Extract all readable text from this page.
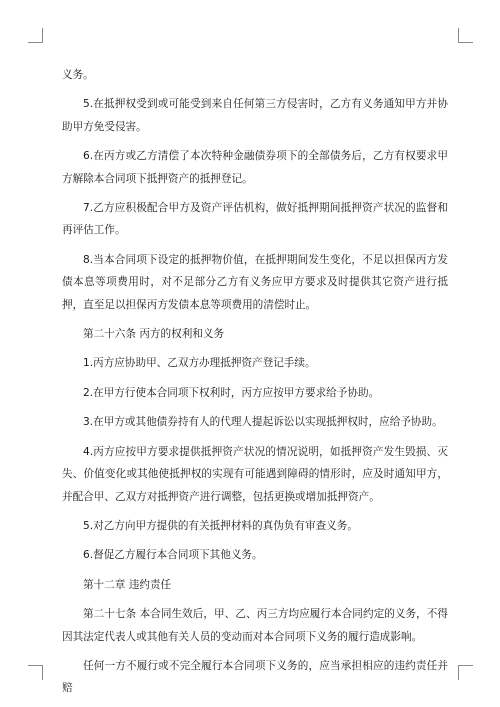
义务。

5.在抵押权受到或可能受到来自任何第三方侵害时，乙方有义务通知甲方并协助甲方免受侵害。

6.在丙方或乙方清偿了本次特种金融债券项下的全部债务后，乙方有权要求甲方解除本合同项下抵押资产的抵押登记。

7.乙方应积极配合甲方及资产评估机构，做好抵押期间抵押资产状况的监督和再评估工作。

8.当本合同项下设定的抵押物价值，在抵押期间发生变化，不足以担保丙方发债本息等项费用时，对不足部分乙方有义务应甲方要求及时提供其它资产进行抵押，直至足以担保丙方发债本息等项费用的清偿时止。

第二十六条 丙方的权利和义务

1.丙方应协助甲、乙双方办理抵押资产登记手续。

2.在甲方行使本合同项下权利时，丙方应按甲方要求给予协助。

3.在甲方或其他债券持有人的代理人提起诉讼以实现抵押权时，应给予协助。

4.丙方应按甲方要求提供抵押资产状况的情况说明，如抵押资产发生毁损、灭失、价值变化或其他使抵押权的实现有可能遇到障碍的情形时，应及时通知甲方，并配合甲、乙双方对抵押资产进行调整，包括更换或增加抵押资产。

5.对乙方向甲方提供的有关抵押材料的真伪负有审查义务。

6.督促乙方履行本合同项下其他义务。

第十二章 违约责任

第二十七条 本合同生效后，甲、乙、丙三方均应履行本合同约定的义务，不得因其法定代表人或其他有关人员的变动而对本合同项下义务的履行造成影响。

任何一方不履行或不完全履行本合同项下义务的，应当承担相应的违约责任并赔
